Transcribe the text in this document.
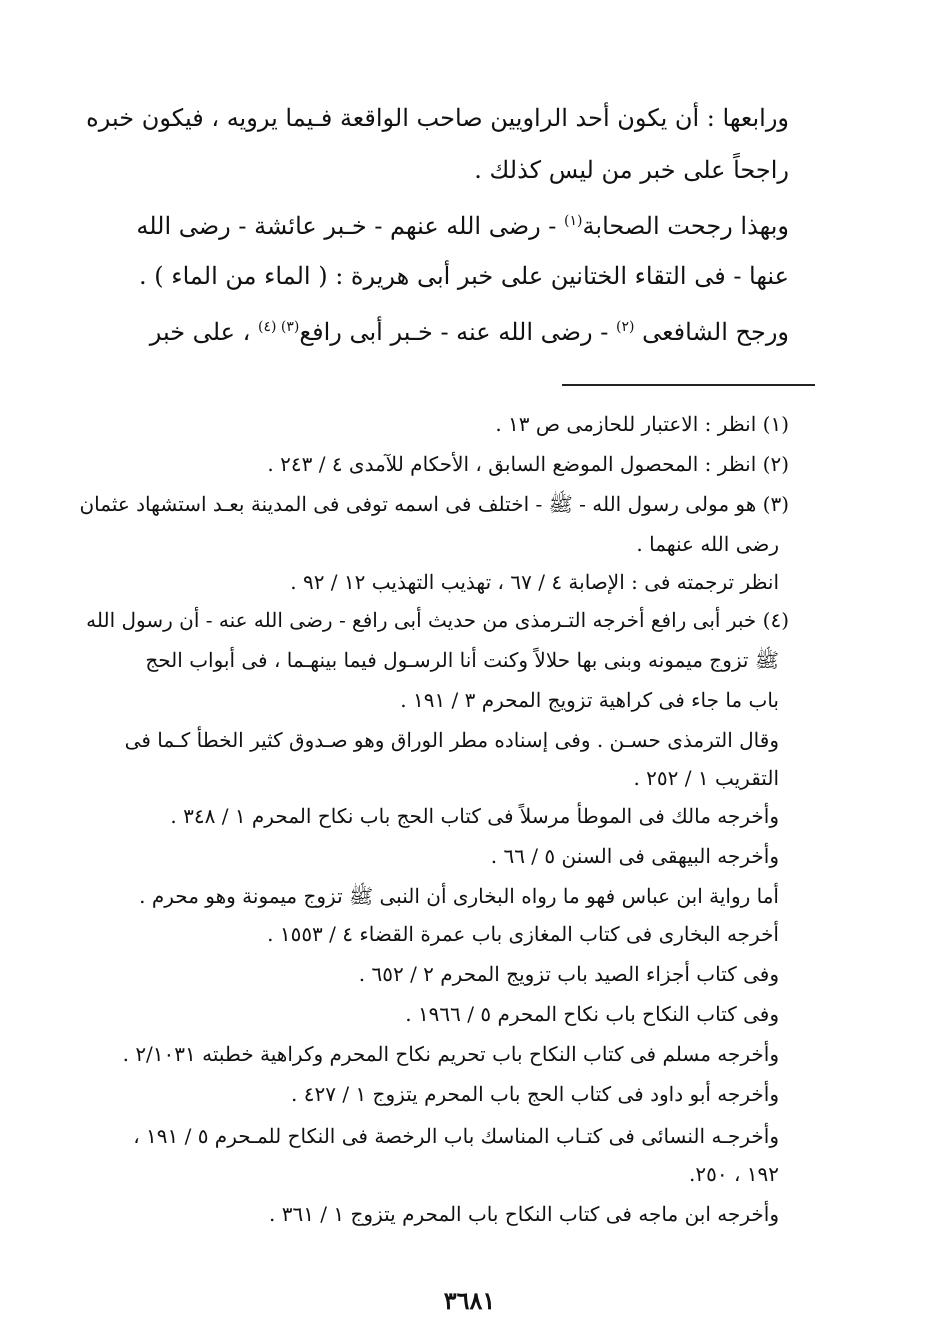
ورابعها : أن يكون أحد الراويين صاحب الواقعة فـيما يرويه ، فيكون خبره
راجحاً على خبر من ليس كذلك .
وبهذا رجحت الصحابة$^{(١)}$ - رضى الله عنهم - خـبر عائشة - رضى الله
عنها - فى التقاء الختانين على خبر أبى هريرة : ( الماء من الماء ) .
ورجح الشافعى $^{(٢)}$ - رضى الله عنه - خـبر أبى رافع$^{(٣) (٤)}$ ، على خبر
(١) انظر : الاعتبار للحازمى ص ١٣ .
(٢) انظر : المحصول الموضع السابق ، الأحكام للآمدى ٤ / ٢٤٣ .
(٣) هو مولى رسول الله - ﷺ - اختلف فى اسمه توفى فى المدينة بعـد استشهاد عثمان
رضى الله عنهما .
انظر ترجمته فى : الإصابة ٤ / ٦٧ ، تهذيب التهذيب ١٢ / ٩٢ .
(٤) خبر أبى رافع أخرجه التـرمذى من حديث أبى رافع - رضى الله عنه - أن رسول الله
ﷺ تزوج ميمونه وبنى بها حلالاً وكنت أنا الرسـول فيما بينهـما ، فى أبواب الحج
باب ما جاء فى كراهية تزويج المحرم ٣ / ١٩١ .
وقال الترمذى حسـن . وفى إسناده مطر الوراق وهو صـدوق كثير الخطأ كـما فى
التقريب ١ / ٢٥٢ .
وأخرجه مالك فى الموطأ مرسلاً فى كتاب الحج باب نكاح المحرم ١ / ٣٤٨ .
وأخرجه البيهقى فى السنن ٥ / ٦٦ .
أما رواية ابن عباس فهو ما رواه البخارى أن النبى ﷺ تزوج ميمونة وهو محرم .
أخرجه البخارى فى كتاب المغازى باب عمرة القضاء ٤ / ١٥٥٣ .
وفى كتاب أجزاء الصيد باب تزويج المحرم ٢ / ٦٥٢ .
وفى كتاب النكاح باب نكاح المحرم ٥ / ١٩٦٦ .
وأخرجه مسلم فى كتاب النكاح باب تحريم نكاح المحرم وكراهية خطبته ٢/١٠٣١ .
وأخرجه أبو داود فى كتاب الحج باب المحرم يتزوج ١ / ٤٢٧ .
وأخرجـه النسائى فى كتـاب المناسك باب الرخصة فى النكاح للمـحرم ٥ / ١٩١ ،
١٩٢ ، ٢٥٠.
وأخرجه ابن ماجه فى كتاب النكاح باب المحرم يتزوج ١ / ٣٦١ .
٣٦٨١
